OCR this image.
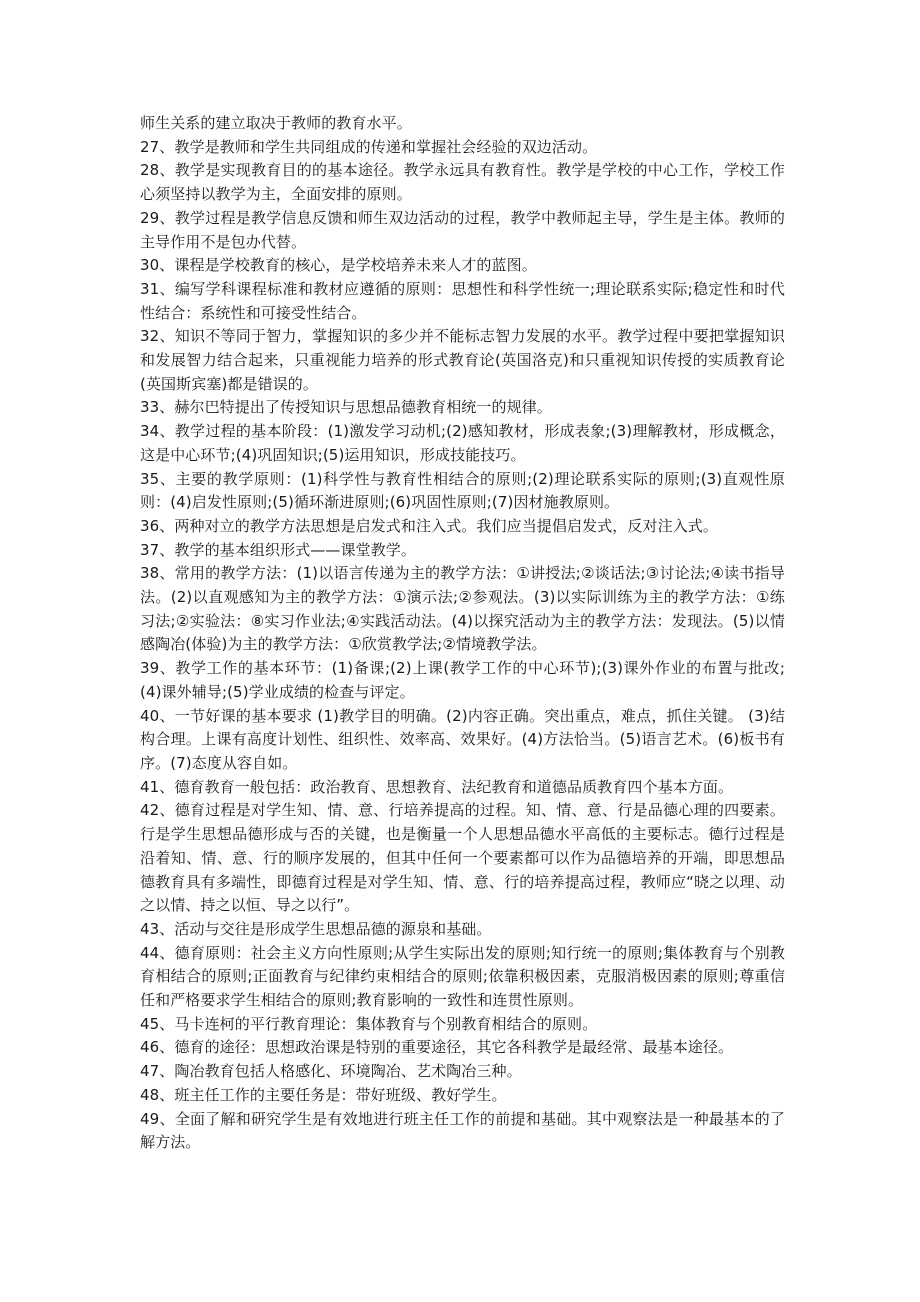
师生关系的建立取决于教师的教育水平。

27、教学是教师和学生共同组成的传递和掌握社会经验的双边活动。

28、教学是实现教育目的的基本途径。教学永远具有教育性。教学是学校的中心工作，学校工作心须坚持以教学为主，全面安排的原则。

29、教学过程是教学信息反馈和师生双边活动的过程，教学中教师起主导，学生是主体。教师的主导作用不是包办代替。

30、课程是学校教育的核心，是学校培养未来人才的蓝图。

31、编写学科课程标准和教材应遵循的原则：思想性和科学性统一;理论联系实际;稳定性和时代性结合：系统性和可接受性结合。

32、知识不等同于智力，掌握知识的多少并不能标志智力发展的水平。教学过程中要把掌握知识和发展智力结合起来，只重视能力培养的形式教育论(英国洛克)和只重视知识传授的实质教育论(英国斯宾塞)都是错误的。

33、赫尔巴特提出了传授知识与思想品德教育相统一的规律。

34、教学过程的基本阶段：(1)激发学习动机;(2)感知教材，形成表象;(3)理解教材，形成概念，这是中心环节;(4)巩固知识;(5)运用知识，形成技能技巧。

35、主要的教学原则：(1)科学性与教育性相结合的原则;(2)理论联系实际的原则;(3)直观性原则：(4)启发性原则;(5)循环渐进原则;(6)巩固性原则;(7)因材施教原则。

36、两种对立的教学方法思想是启发式和注入式。我们应当提倡启发式，反对注入式。

37、教学的基本组织形式——课堂教学。

38、常用的教学方法：(1)以语言传递为主的教学方法：①讲授法;②谈话法;③讨论法;④读书指导法。(2)以直观感知为主的教学方法：①演示法;②参观法。(3)以实际训练为主的教学方法：①练习法;②实验法：⑧实习作业法;④实践活动法。(4)以探究活动为主的教学方法：发现法。(5)以情感陶冶(体验)为主的教学方法：①欣赏教学法;②情境教学法。

39、教学工作的基本环节：(1)备课;(2)上课(教学工作的中心环节);(3)课外作业的布置与批改;(4)课外辅导;(5)学业成绩的检查与评定。

40、一节好课的基本要求 (1)教学目的明确。(2)内容正确。突出重点，难点，抓住关键。 (3)结构合理。上课有高度计划性、组织性、效率高、效果好。(4)方法恰当。(5)语言艺术。(6)板书有序。(7)态度从容自如。

41、德育教育一般包括：政治教育、思想教育、法纪教育和道德品质教育四个基本方面。

42、德育过程是对学生知、情、意、行培养提高的过程。知、情、意、行是品德心理的四要素。行是学生思想品德形成与否的关键，也是衡量一个人思想品德水平高低的主要标志。德行过程是沿着知、情、意、行的顺序发展的，但其中任何一个要素都可以作为品德培养的开端，即思想品德教育具有多端性，即德育过程是对学生知、情、意、行的培养提高过程，教师应“晓之以理、动之以情、持之以恒、导之以行”。

43、活动与交往是形成学生思想品德的源泉和基础。

44、德育原则：社会主义方向性原则;从学生实际出发的原则;知行统一的原则;集体教育与个别教育相结合的原则;正面教育与纪律约束相结合的原则;依靠积极因素，克服消极因素的原则;尊重信任和严格要求学生相结合的原则;教育影响的一致性和连贯性原则。

45、马卡连柯的平行教育理论：集体教育与个别教育相结合的原则。

46、德育的途径：思想政治课是特别的重要途径，其它各科教学是最经常、最基本途径。

47、陶冶教育包括人格感化、环境陶冶、艺术陶冶三种。

48、班主任工作的主要任务是：带好班级、教好学生。

49、全面了解和研究学生是有效地进行班主任工作的前提和基础。其中观察法是一种最基本的了解方法。
